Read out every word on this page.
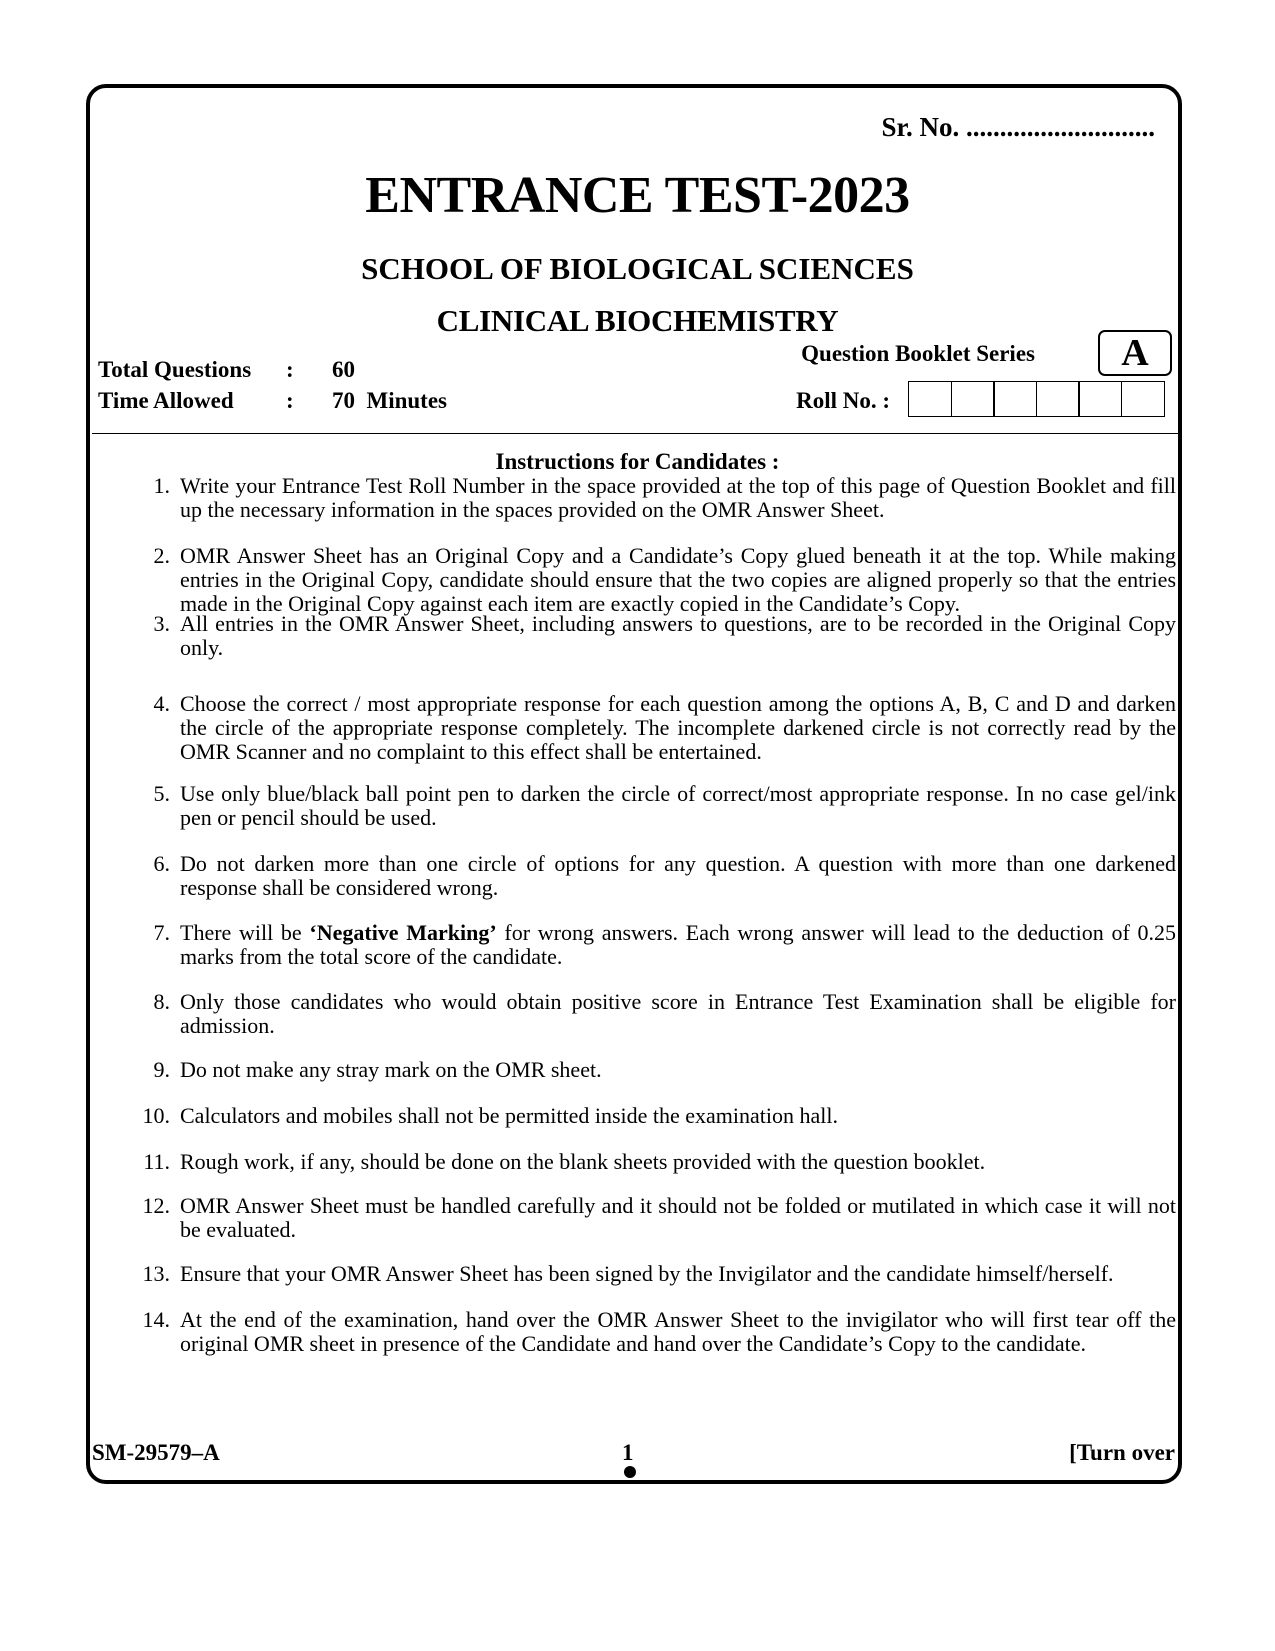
Sr. No. ............................
ENTRANCE TEST-2023
SCHOOL OF BIOLOGICAL SCIENCES
CLINICAL BIOCHEMISTRY
Total Questions : 60
Time Allowed : 70  Minutes
Question Booklet Series	A
Roll No. :
Instructions for Candidates :
1. Write your Entrance Test Roll Number in the space provided at the top of this page of Question Booklet and fill up the necessary information in the spaces provided on the OMR Answer Sheet.
2. OMR Answer Sheet has an Original Copy and a Candidate’s Copy glued beneath it at the top. While making entries in the Original Copy, candidate should ensure that the two copies are aligned properly so that the entries made in the Original Copy against each item are exactly copied in the Candidate’s Copy.
3. All entries in the OMR Answer Sheet, including answers to questions, are to be recorded in the Original Copy only.
4. Choose the correct / most appropriate response for each question among the options A, B, C and D and darken the circle of the appropriate response completely. The incomplete darkened circle is not correctly read by the OMR Scanner and no complaint to this effect shall be entertained.
5. Use only blue/black ball point pen to darken the circle of correct/most appropriate response. In no case gel/ink pen or pencil should be used.
6. Do not darken more than one circle of options for any question. A question with more than one darkened response shall be considered wrong.
7. There will be ‘Negative Marking’ for wrong answers. Each wrong answer will lead to the deduction of 0.25 marks from the total score of the candidate.
8. Only those candidates who would obtain positive score in Entrance Test Examination shall be eligible for admission.
9. Do not make any stray mark on the OMR sheet.
10. Calculators and mobiles shall not be permitted inside the examination hall.
11. Rough work, if any, should be done on the blank sheets provided with the question booklet.
12. OMR Answer Sheet must be handled carefully and it should not be folded or mutilated in which case it will not be evaluated.
13. Ensure that your OMR Answer Sheet has been signed by the Invigilator and the candidate himself/herself.
14. At the end of the examination, hand over the OMR Answer Sheet to the invigilator who will first tear off the original OMR sheet in presence of the Candidate and hand over the Candidate’s Copy to the candidate.
SM-29579–A	1	[Turn over
